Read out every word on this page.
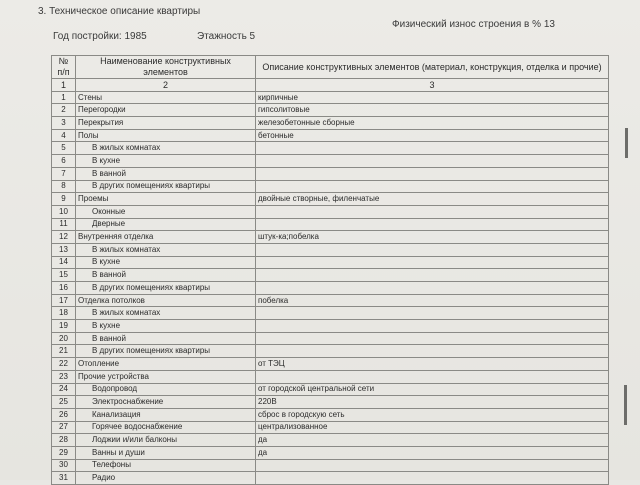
3. Техническое описание квартиры
Физический износ строения в % 13
Год постройки: 1985	Этажность 5
№ п/п	Наименование конструктивных элементов	Описание конструктивных элементов (материал, конструкция, отделка и прочие)
1	2	3
1	Стены	кирпичные
2	Перегородки	гипсолитовые
3	Перекрытия	железобетонные сборные
4	Полы	бетонные
5	В жилых комнатах	
6	В кухне	
7	В ванной	
8	В других помещениях квартиры	
9	Проемы	двойные створные, филенчатые
10	Оконные	
11	Дверные	
12	Внутренняя отделка	штук-ка;побелка
13	В жилых комнатах	
14	В кухне	
15	В ванной	
16	В других помещениях квартиры	
17	Отделка потолков	побелка
18	В жилых комнатах	
19	В кухне	
20	В ванной	
21	В других помещениях квартиры	
22	Отопление	от ТЭЦ
23	Прочие устройства	
24	Водопровод	от городской центральной сети
25	Электроснабжение	220В
26	Канализация	сброс в городскую сеть
27	Горячее водоснабжение	централизованное
28	Лоджии и/или балконы	да
29	Ванны и души	да
30	Телефоны	
31	Радио	
